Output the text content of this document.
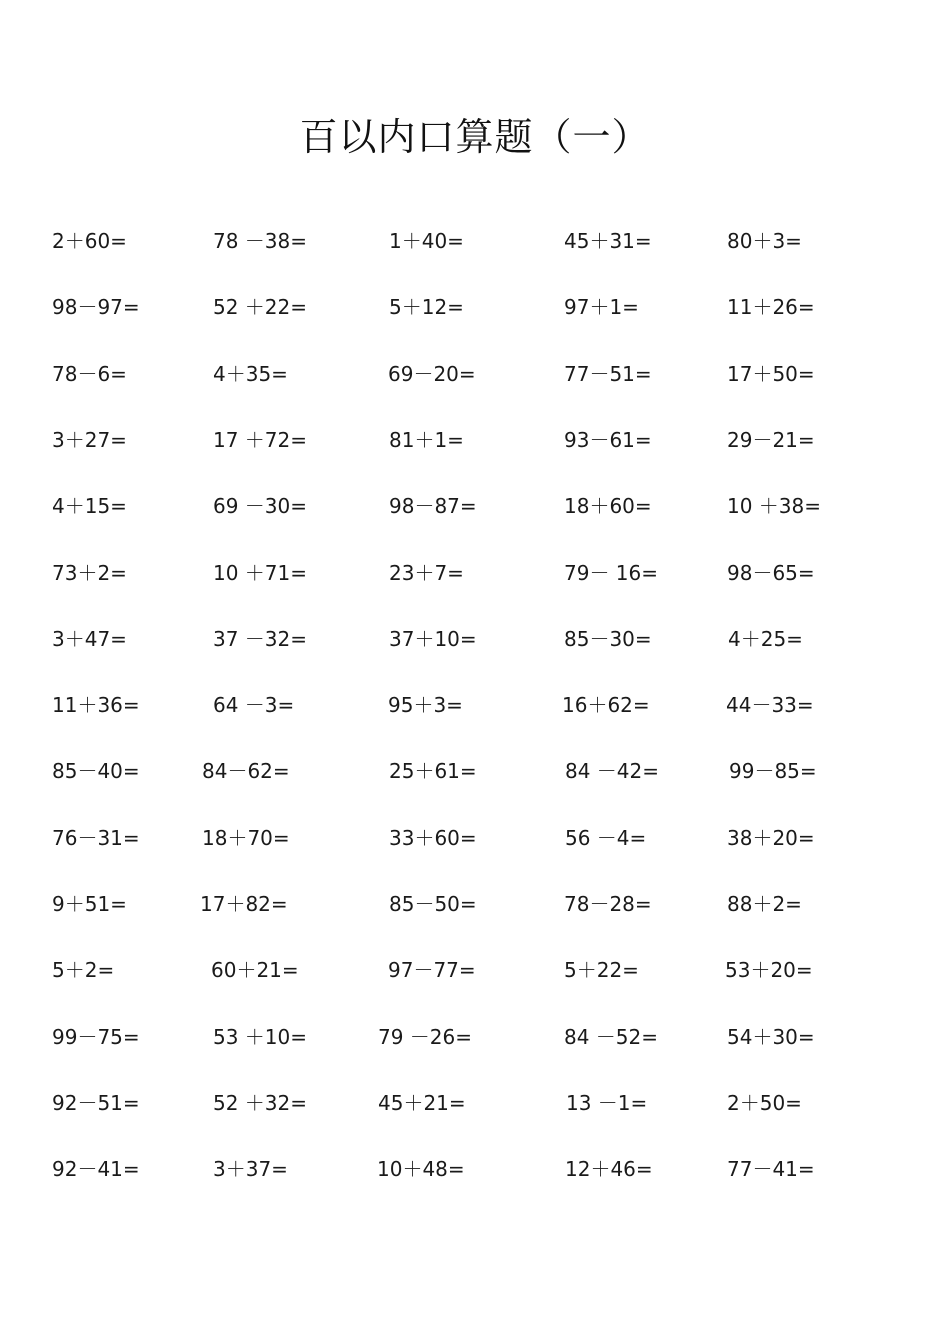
百以内口算题（一）
2＋60=	78 －38=	1＋40=	45＋31=	80＋3=
98－97=	52 ＋22=	5＋12=	97＋1=	11＋26=
78－6=	4＋35=	69－20=	77－51=	17＋50=
3＋27=	17 ＋72=	81＋1=	93－61=	29－21=
4＋15=	69 －30=	98－87=	18＋60=	10 ＋38=
73＋2=	10 ＋71=	23＋7=	79－ 16=	98－65=
3＋47=	37 －32=	37＋10=	85－30=	4＋25=
11＋36=	64 －3=	95＋3=	16＋62=	44－33=
85－40=	84－62=	25＋61=	84 －42=	99－85=
76－31=	18＋70=	33＋60=	56 －4=	38＋20=
9＋51=	17＋82=	85－50=	78－28=	88＋2=
5＋2=	60＋21=	97－77=	5＋22=	53＋20=
99－75=	53 ＋10=	79 －26=	84 －52=	54＋30=
92－51=	52 ＋32=	45＋21=	13 －1=	2＋50=
92－41=	3＋37=	10＋48=	12＋46=	77－41=
